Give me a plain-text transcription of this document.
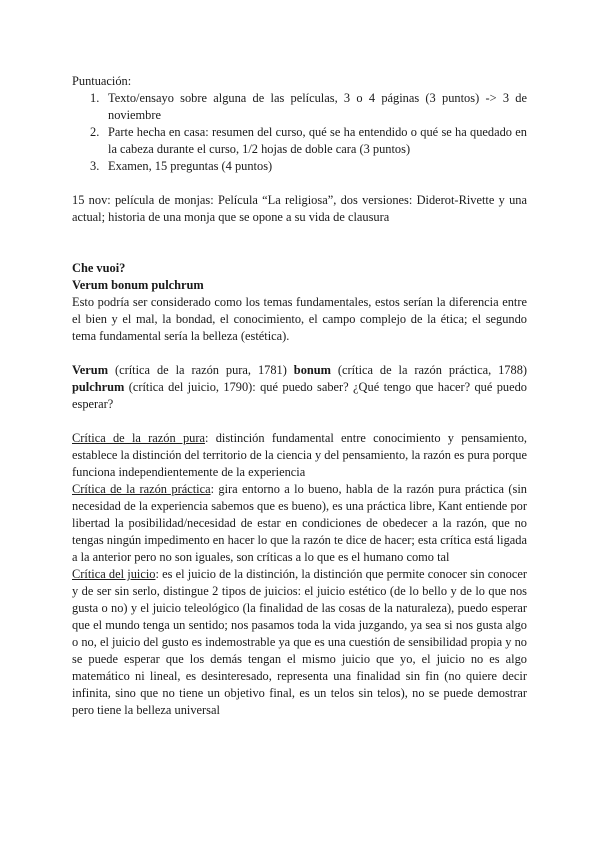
Puntuación:

1. Texto/ensayo sobre alguna de las películas, 3 o 4 páginas (3 puntos) -> 3 de noviembre
2. Parte hecha en casa: resumen del curso, qué se ha entendido o qué se ha quedado en la cabeza durante el curso, 1/2 hojas de doble cara (3 puntos)
3. Examen, 15 preguntas (4 puntos)

15 nov: película de monjas: Película “La religiosa”, dos versiones: Diderot-Rivette y una actual; historia de una monja que se opone a su vida de clausura

Che vuoi?

Verum bonum pulchrum

Esto podría ser considerado como los temas fundamentales, estos serían la diferencia entre el bien y el mal, la bondad, el conocimiento, el campo complejo de la ética; el segundo tema fundamental sería la belleza (estética).

Verum (crítica de la razón pura, 1781) bonum (crítica de la razón práctica, 1788) pulchrum (crítica del juicio, 1790): qué puedo saber? ¿Qué tengo que hacer? qué puedo esperar?

Crítica de la razón pura: distinción fundamental entre conocimiento y pensamiento, establece la distinción del territorio de la ciencia y del pensamiento, la razón es pura porque funciona independientemente de la experiencia

Crítica de la razón práctica: gira entorno a lo bueno, habla de la razón pura práctica (sin necesidad de la experiencia sabemos que es bueno), es una práctica libre, Kant entiende por libertad la posibilidad/necesidad de estar en condiciones de obedecer a la razón, que no tengas ningún impedimento en hacer lo que la razón te dice de hacer; esta crítica está ligada a la anterior pero no son iguales, son críticas a lo que es el humano como tal

Crítica del juicio: es el juicio de la distinción, la distinción que permite conocer sin conocer y de ser sin serlo, distingue 2 tipos de juicios: el juicio estético (de lo bello y de lo que nos gusta o no) y el juicio teleológico (la finalidad de las cosas de la naturaleza), puedo esperar que el mundo tenga un sentido; nos pasamos toda la vida juzgando, ya sea si nos gusta algo o no, el juicio del gusto es indemostrable ya que es una cuestión de sensibilidad propia y no se puede esperar que los demás tengan el mismo juicio que yo, el juicio no es algo matemático ni lineal, es desinteresado, representa una finalidad sin fin (no quiere decir infinita, sino que no tiene un objetivo final, es un telos sin telos), no se puede demostrar pero tiene la belleza universal
